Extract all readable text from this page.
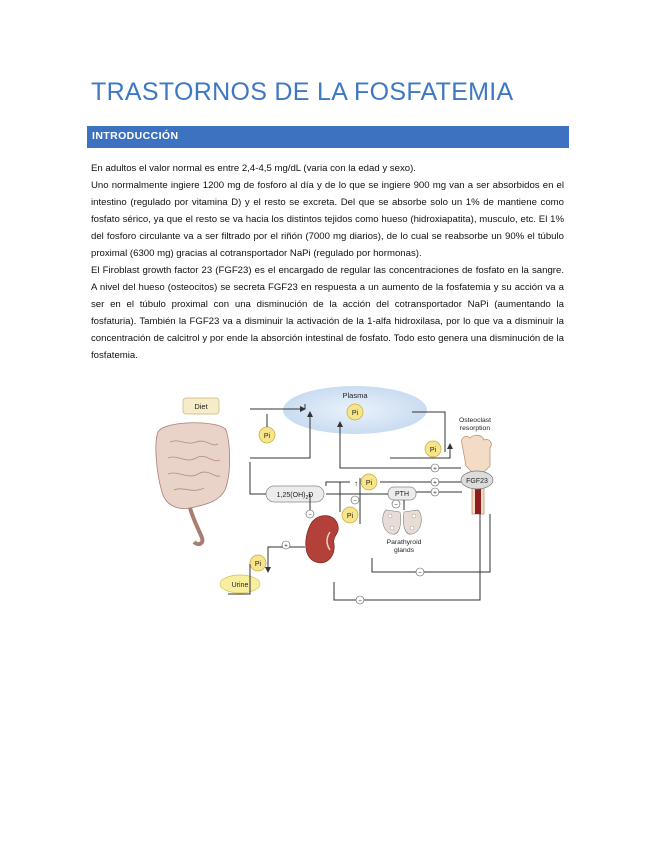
TRASTORNOS DE LA FOSFATEMIA
INTRODUCCIÓN

En adultos el valor normal es entre 2,4-4,5 mg/dL (varia con la edad y sexo).

Uno normalmente ingiere 1200 mg de fosforo al día y de lo que se ingiere 900 mg van a ser absorbidos en el intestino (regulado por vitamina D) y el resto se excreta. Del que se absorbe solo un 1% de mantiene como fosfato sérico, ya que el resto se va hacia los distintos tejidos como hueso (hidroxiapatita), musculo, etc. El 1% del fosforo circulante va a ser filtrado por el riñón (7000 mg diarios), de lo cual se reabsorbe un 90% el túbulo proximal (6300 mg) gracias al cotransportador NaPi (regulado por hormonas).

El Firoblast growth factor 23 (FGF23) es el encargado de regular las concentraciones de fosfato en la sangre. A nivel del hueso (osteocitos) se secreta FGF23 en respuesta a un aumento de la fosfatemia y su acción va a ser en el túbulo proximal con una disminución de la acción del cotransportador NaPi (aumentando la fosfaturia). También la FGF23 va a disminuir la activación de la 1-alfa hidroxilasa, por lo que va a disminuir la concentración de calcitrol y por ende la absorción intestinal de fosfato. Todo esto genera una disminución de la fosfatemia.

Plasma
Pi
Diet
Pi
$1,25(OH)_2D$
↑ Pi
PTH
Parathyroid
glands
Osteoclast
resorption
Pi
FGF23
Pi
Pi
Urine
+
+
+
−
+
−
−
−
−
